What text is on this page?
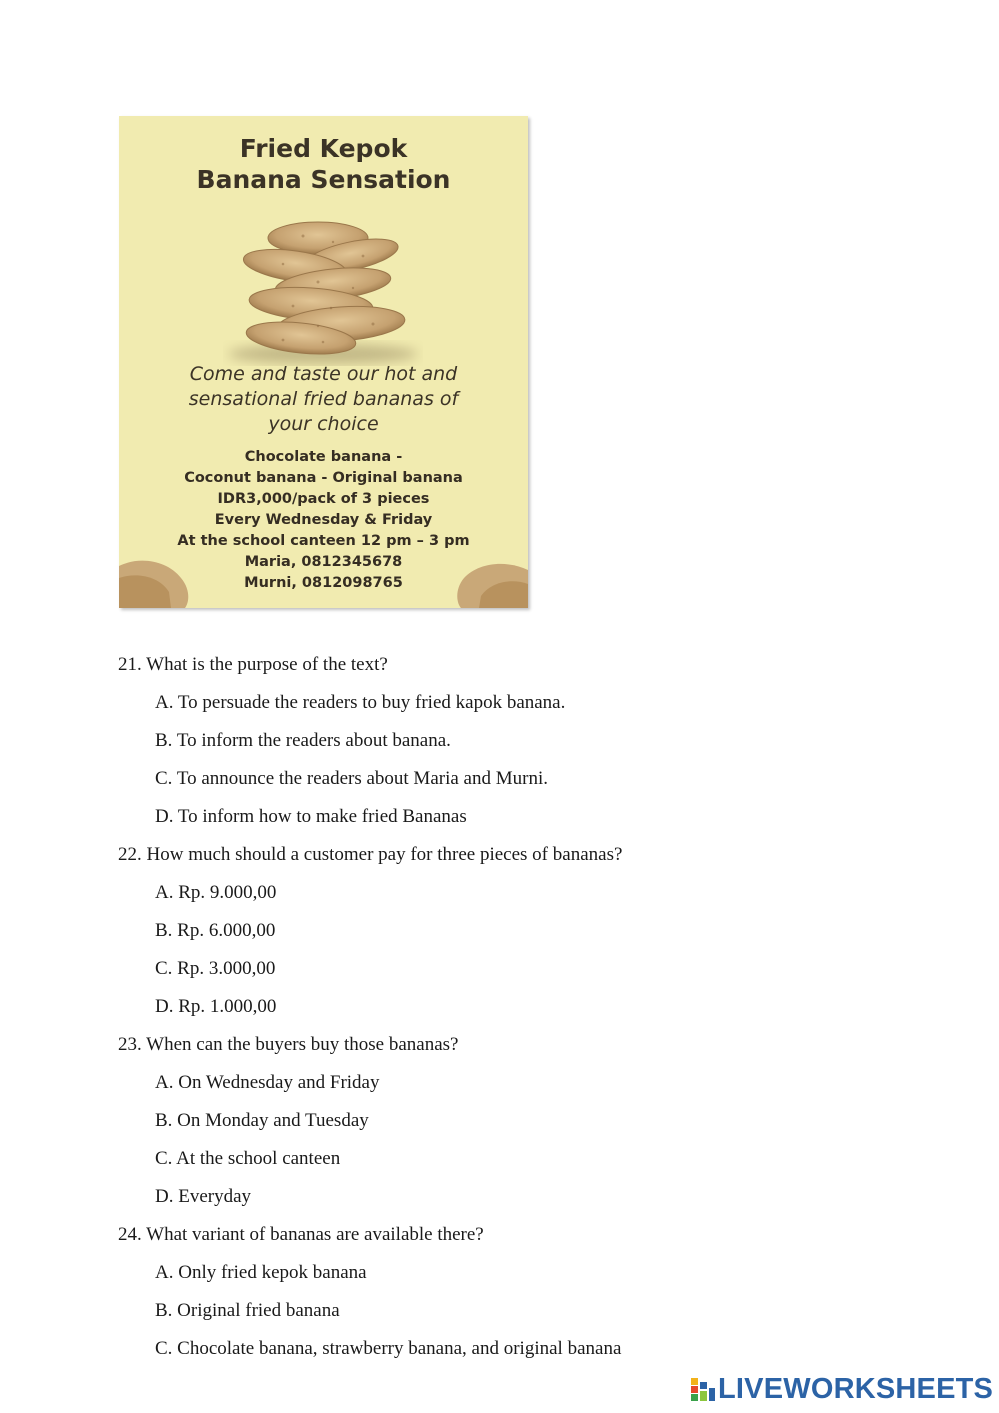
Fried Kepok
Banana Sensation
Come and taste our hot and
sensational fried bananas of
your choice
Chocolate banana -
Coconut banana - Original banana
IDR3,000/pack of 3 pieces
Every Wednesday & Friday
At the school canteen 12 pm – 3 pm
Maria, 0812345678
Murni, 0812098765

21. What is the purpose of the text?

A. To persuade the readers to buy fried kapok banana.

B. To inform the readers about banana.

C. To announce the readers about Maria and Murni.

D. To inform how to make fried Bananas

22. How much should a customer pay for three pieces of bananas?

A. Rp. 9.000,00

B. Rp. 6.000,00

C. Rp. 3.000,00

D. Rp. 1.000,00

23. When can the buyers buy those bananas?

A. On Wednesday and Friday

B. On Monday and Tuesday

C. At the school canteen

D. Everyday

24. What variant of bananas are available there?

A. Only fried kepok banana

B. Original fried banana

C. Chocolate banana, strawberry banana, and original banana

LIVEWORKSHEETS
